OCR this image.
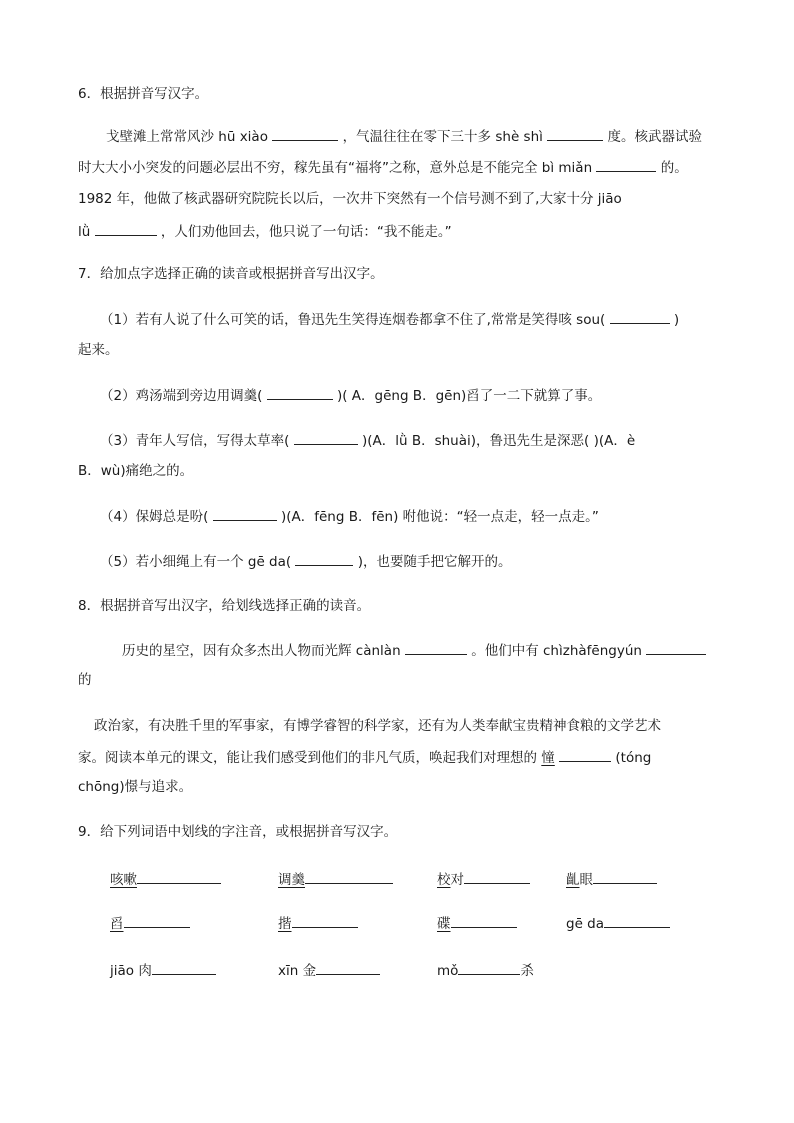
6．根据拼音写汉字。
戈壁滩上常常风沙 hū xiào	，气温往往在零下三十多 shè shì	度。核武器试验
时大大小小突发的问题必层出不穷，稼先虽有“福将”之称，意外总是不能完全 bì miǎn	的。
1982 年，他做了核武器研究院院长以后，一次井下突然有一个信号测不到了,大家十分 jiāo
lǜ	，人们劝他回去，他只说了一句话：“我不能走。”
7．给加点字选择正确的读音或根据拼音写出汉字。
（1）若有人说了什么可笑的话，鲁迅先生笑得连烟卷都拿不住了,常常是笑得咳 sou(	)
起来。
（2）鸡汤端到旁边用调羹(	)( A．gēng B．gēn)舀了一二下就算了事。
（3）青年人写信，写得太草率(	)(A．lǜ B．shuài)，鲁迅先生是深恶( )(A．è
B．wù)痛绝之的。
（4）保姆总是吩(	)(A．fēng B．fēn) 咐他说：“轻一点走，轻一点走。”
（5）若小细绳上有一个 gē da(	)，也要随手把它解开的。
8．根据拼音写出汉字，给划线选择正确的读音。
历史的星空，因有众多杰出人物而光辉 cànlàn	。他们中有 chìzhàfēngyún
的
政治家，有决胜千里的军事家，有博学睿智的科学家，还有为人类奉献宝贵精神食粮的文学艺术
家。阅读本单元的课文，能让我们感受到他们的非凡气质，唤起我们对理想的 憧	(tóng
chōng)憬与追求。
9．给下列词语中划线的字注音，或根据拼音写汉字。
咳嗽	调羹	校对	齓眼
舀	揩	碟	gē da
jiāo 肉	xīn 金	mǒ	杀
